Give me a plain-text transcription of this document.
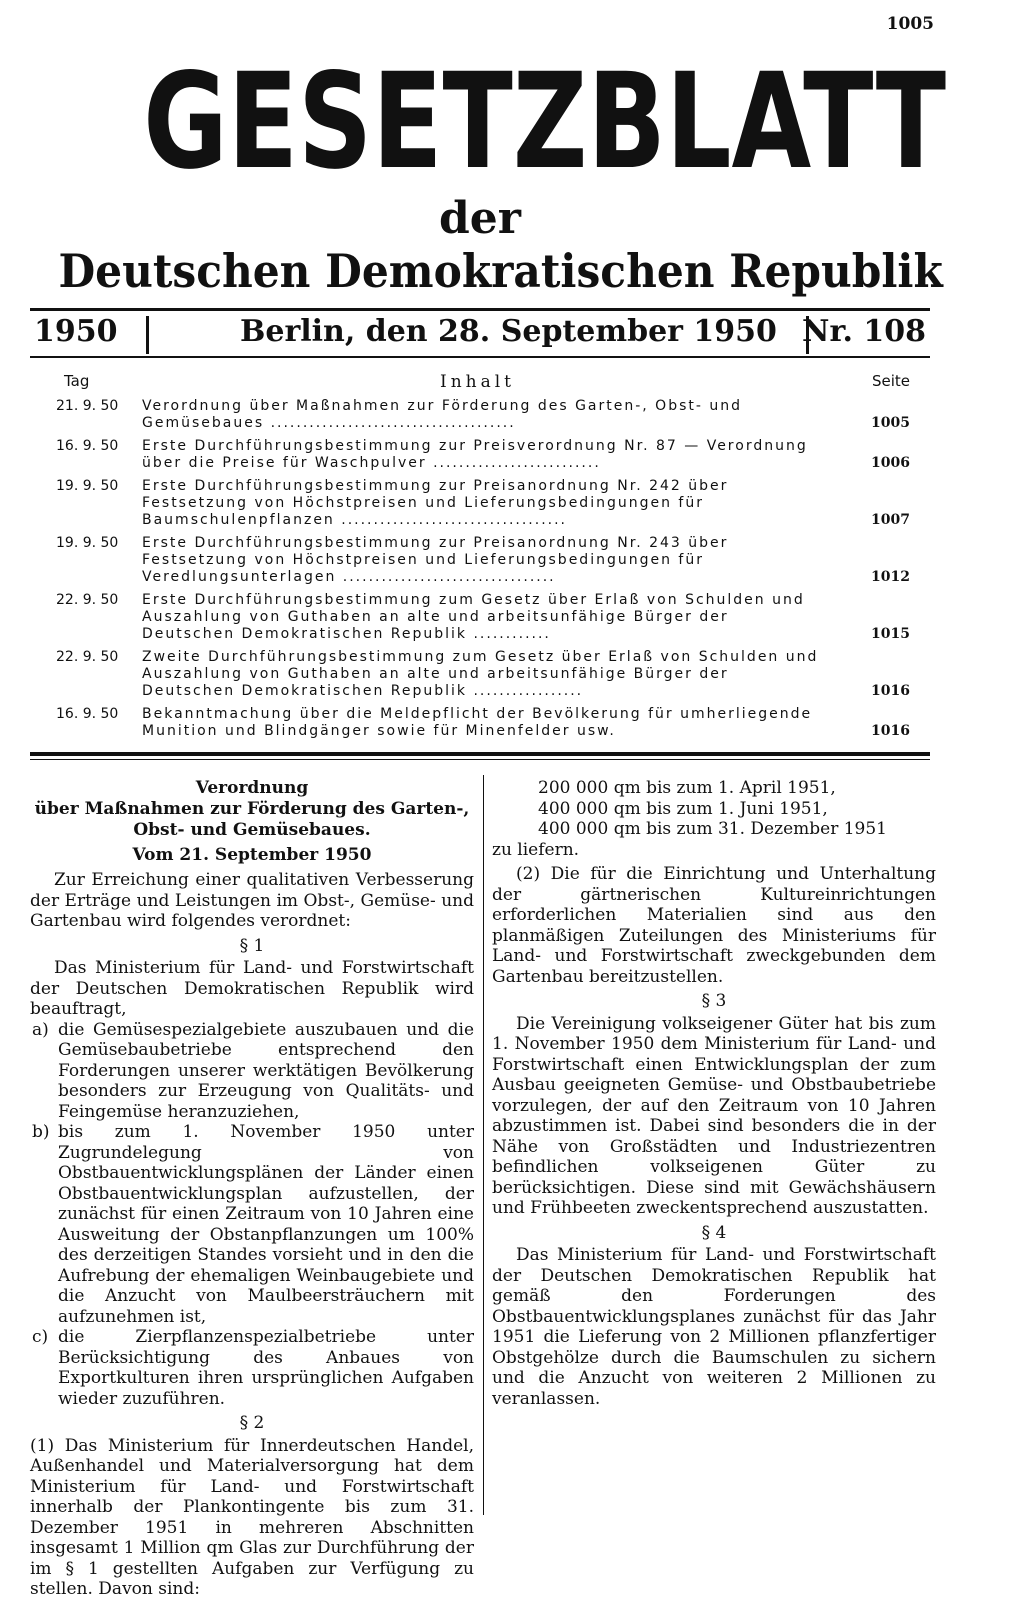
1005
GESETZBLATT
der
Deutschen Demokratischen Republik
1950	Berlin, den 28. September 1950 Nr. 108
Tag	Inhalt	Seite
21. 9. 50 Verordnung über Maßnahmen zur Förderung des Garten-, Obst- und Gemüsebaues ......................................	1005
16. 9. 50 Erste Durchführungsbestimmung zur Preisverordnung Nr. 87 — Verordnung über die Preise für Waschpulver ..........................	1006
19. 9. 50 Erste Durchführungsbestimmung zur Preisanordnung Nr. 242 über Festsetzung von Höchstpreisen und Lieferungsbedingungen für Baumschulenpflanzen ...................................	1007
19. 9. 50 Erste Durchführungsbestimmung zur Preisanordnung Nr. 243 über Festsetzung von Höchstpreisen und Lieferungsbedingungen für Veredlungsunterlagen .................................	1012
22. 9. 50 Erste Durchführungsbestimmung zum Gesetz über Erlaß von Schulden und Auszahlung von Guthaben an alte und arbeitsunfähige Bürger der Deutschen Demokratischen Republik ............	1015
22. 9. 50 Zweite Durchführungsbestimmung zum Gesetz über Erlaß von Schulden und Auszahlung von Guthaben an alte und arbeitsunfähige Bürger der Deutschen Demokratischen Republik .................	1016
16. 9. 50 Bekanntmachung über die Meldepflicht der Bevölkerung für umherliegende Munition und Blindgänger sowie für Minenfelder usw.	1016
Verordnung
über Maßnahmen zur Förderung des Garten-,
Obst- und Gemüsebaues.
Vom 21. September 1950

Zur Erreichung einer qualitativen Verbesserung der Erträge und Leistungen im Obst-, Gemüse- und Gartenbau wird folgendes verordnet:

§ 1

Das Ministerium für Land- und Forstwirtschaft der Deutschen Demokratischen Republik wird beauftragt,

a) die Gemüsespezialgebiete auszubauen und die Gemüsebaubetriebe entsprechend den Forderungen unserer werktätigen Bevölkerung besonders zur Erzeugung von Qualitäts- und Feingemüse heranzuziehen,
b) bis zum 1. November 1950 unter Zugrundelegung von Obstbauentwicklungsplänen der Länder einen Obstbauentwicklungsplan aufzustellen, der zunächst für einen Zeitraum von 10 Jahren eine Ausweitung der Obstanpflanzungen um 100% des derzeitigen Standes vorsieht und in den die Aufrebung der ehemaligen Weinbaugebiete und die Anzucht von Maulbeersträuchern mit aufzunehmen ist,
c) die Zierpflanzenspezialbetriebe unter Berücksichtigung des Anbaues von Exportkulturen ihren ursprünglichen Aufgaben wieder zuzuführen.
§ 2

(1) Das Ministerium für Innerdeutschen Handel, Außenhandel und Materialversorgung hat dem Ministerium für Land- und Forstwirtschaft innerhalb der Plankontingente bis zum 31. Dezember 1951 in mehreren Abschnitten insgesamt 1 Million qm Glas zur Durchführung der im § 1 gestellten Aufgaben zur Verfügung zu stellen. Davon sind:

200 000 qm bis zum 1. April 1951,
400 000 qm bis zum 1. Juni 1951,
400 000 qm bis zum 31. Dezember 1951

zu liefern.

(2) Die für die Einrichtung und Unterhaltung der gärtnerischen Kultureinrichtungen erforderlichen Materialien sind aus den planmäßigen Zuteilungen des Ministeriums für Land- und Forstwirtschaft zweckgebunden dem Gartenbau bereitzustellen.

§ 3

Die Vereinigung volkseigener Güter hat bis zum 1. November 1950 dem Ministerium für Land- und Forstwirtschaft einen Entwicklungsplan der zum Ausbau geeigneten Gemüse- und Obstbaubetriebe vorzulegen, der auf den Zeitraum von 10 Jahren abzustimmen ist. Dabei sind besonders die in der Nähe von Großstädten und Industriezentren befindlichen volkseigenen Güter zu berücksichtigen. Diese sind mit Gewächshäusern und Frühbeeten zweckentsprechend auszustatten.

§ 4

Das Ministerium für Land- und Forstwirtschaft der Deutschen Demokratischen Republik hat gemäß den Forderungen des Obstbauentwicklungsplanes zunächst für das Jahr 1951 die Lieferung von 2 Millionen pflanzfertiger Obstgehölze durch die Baumschulen zu sichern und die Anzucht von weiteren 2 Millionen zu veranlassen.
